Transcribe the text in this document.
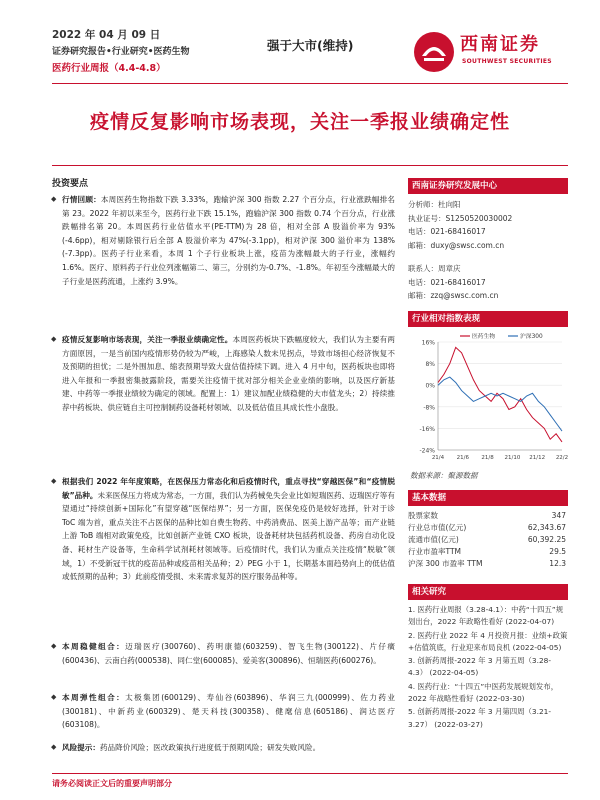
2022 年 04 月 09 日
证券研究报告•行业研究•医药生物
医药行业周报（4.4-4.8）
强于大市(维持)	西南证券
SOUTHWEST SECURITIES
疫情反复影响市场表现，关注一季报业绩确定性
投资要点
◆ 行情回顾：本周医药生物指数下跌 3.33%，跑输沪深 300 指数 2.27 个百分点，行业涨跌幅排名第 23。2022 年初以来至今，医药行业下跌 15.1%，跑输沪深 300 指数 0.74 个百分点，行业涨跌幅排名第 20。本周医药行业估值水平(PE-TTM)为 28 倍，相对全部 A 股溢价率为 93%(-4.6pp)，相对剔除银行后全部 A 股溢价率为 47%(-3.1pp)，相对沪深 300 溢价率为 138%(-7.3pp)。医药子行业来看，本周 1 个子行业板块上涨，疫苗为涨幅最大的子行业，涨幅约 1.6%。医疗、原料药子行业位列涨幅第二、第三，分别约为-0.7%、-1.8%。年初至今涨幅最大的子行业是医药流通，上涨约 3.9%。
◆ 疫情反复影响市场表现，关注一季报业绩确定性。本周医药板块下跌幅度较大，我们认为主要有两方面原因，一是当前国内疫情形势仍较为严峻，上海感染人数未见拐点，导致市场担心经济恢复不及预期的担忧；二是外围加息、缩表预期导致大盘估值持续下调。进入 4 月中旬，医药板块也即将进入年报和一季报密集披露阶段，需要关注疫情干扰对部分相关企业业绩的影响，以及医疗新基建、中药等一季报业绩较为确定的领域。配置上：1）建议加配业绩稳健的大市值龙头；2）持续推荐中药板块、供应链自主可控制制药设备耗材领域、以及低估值且具成长性小盘股。
◆ 根据我们 2022 年年度策略，在医保压力常态化和后疫情时代，重点寻找“穿越医保”和“疫情脱敏”品种。未来医保压力将成为常态，一方面，我们认为药械免失会业比如短瑞医药、迈瑞医疗等有望通过“持续创新+国际化”有望穿越“医保结界”；另一方面，医保免疫仍是较好选择，针对于诊 ToC 端为首，重点关注不占医保的品种比如自费生物药、中药消费品、医美上游产品等；而产业链上游 ToB 端相对政策免疫，比如创新产业链 CXO 板块，设备耗材块包括药机设备、药房自动化设备、耗材生产设备等，生命科学试剂耗材领域等。后疫情时代，我们认为重点关注疫情“脱敏”领域，1）不受新冠干扰的疫苗品种或疫苗相关品种；2）PEG 小于 1，长期基本面趋势向上的低估值或低预期的品种；3）此前疫情受损、未来需求复苏的医疗服务品种等。
◆ 本周稳健组合：迈瑞医疗(300760)、药明康德(603259)、智飞生物(300122)、片仔癀(600436)、云南白药(000538)、同仁堂(600085)、爱美客(300896)、恒瑞医药(600276)。
◆ 本周弹性组合：太极集团(600129)、寿仙谷(603896)、华润三九(000999)、佐力药业(300181)、中新药业(600329)、楚天科技(300358)、健麾信息(605186)、润达医疗(603108)。
◆ 风险提示：药品降价风险；医改政策执行进度低于预期风险；研发失败风险。
西南证券研究发展中心
分析师：杜向阳
执业证号：S1250520030002
电话：021-68416017
邮箱：duxy@swsc.com.cn
联系人：周章庆
电话：021-68416017
邮箱：zzq@swsc.com.cn
行业相对指数表现
16%
8%
0%
-8%
-16%
-24%
21/4 21/6 21/8 21/10 21/12 22/2
医药生物	沪深300
数据来源：聚源数据
基本数据
股票家数	347
行业总市值(亿元)	62,343.67
流通市值(亿元)	60,392.25
行业市盈率TTM	29.5
沪深 300 市盈率 TTM	12.3
相关研究
1. 医药行业周报（3.28-4.1）：中药“十四五”规划出台，2022 年政略性看好 (2022-04-07)
2. 医药行业 2022 年 4 月投资月报：业绩+政策+估值筑底，行业迎来布局良机 (2022-04-05)
3. 创新药周报-2022 年 3 月第五周（3.28-4.3） (2022-04-05)
4. 医药行业：“十四五”中医药发展规划发布，2022 年战略性看好 (2022-03-30)
5. 创新药周报-2022 年 3 月第四周（3.21-3.27） (2022-03-27)
请务必阅读正文后的重要声明部分
